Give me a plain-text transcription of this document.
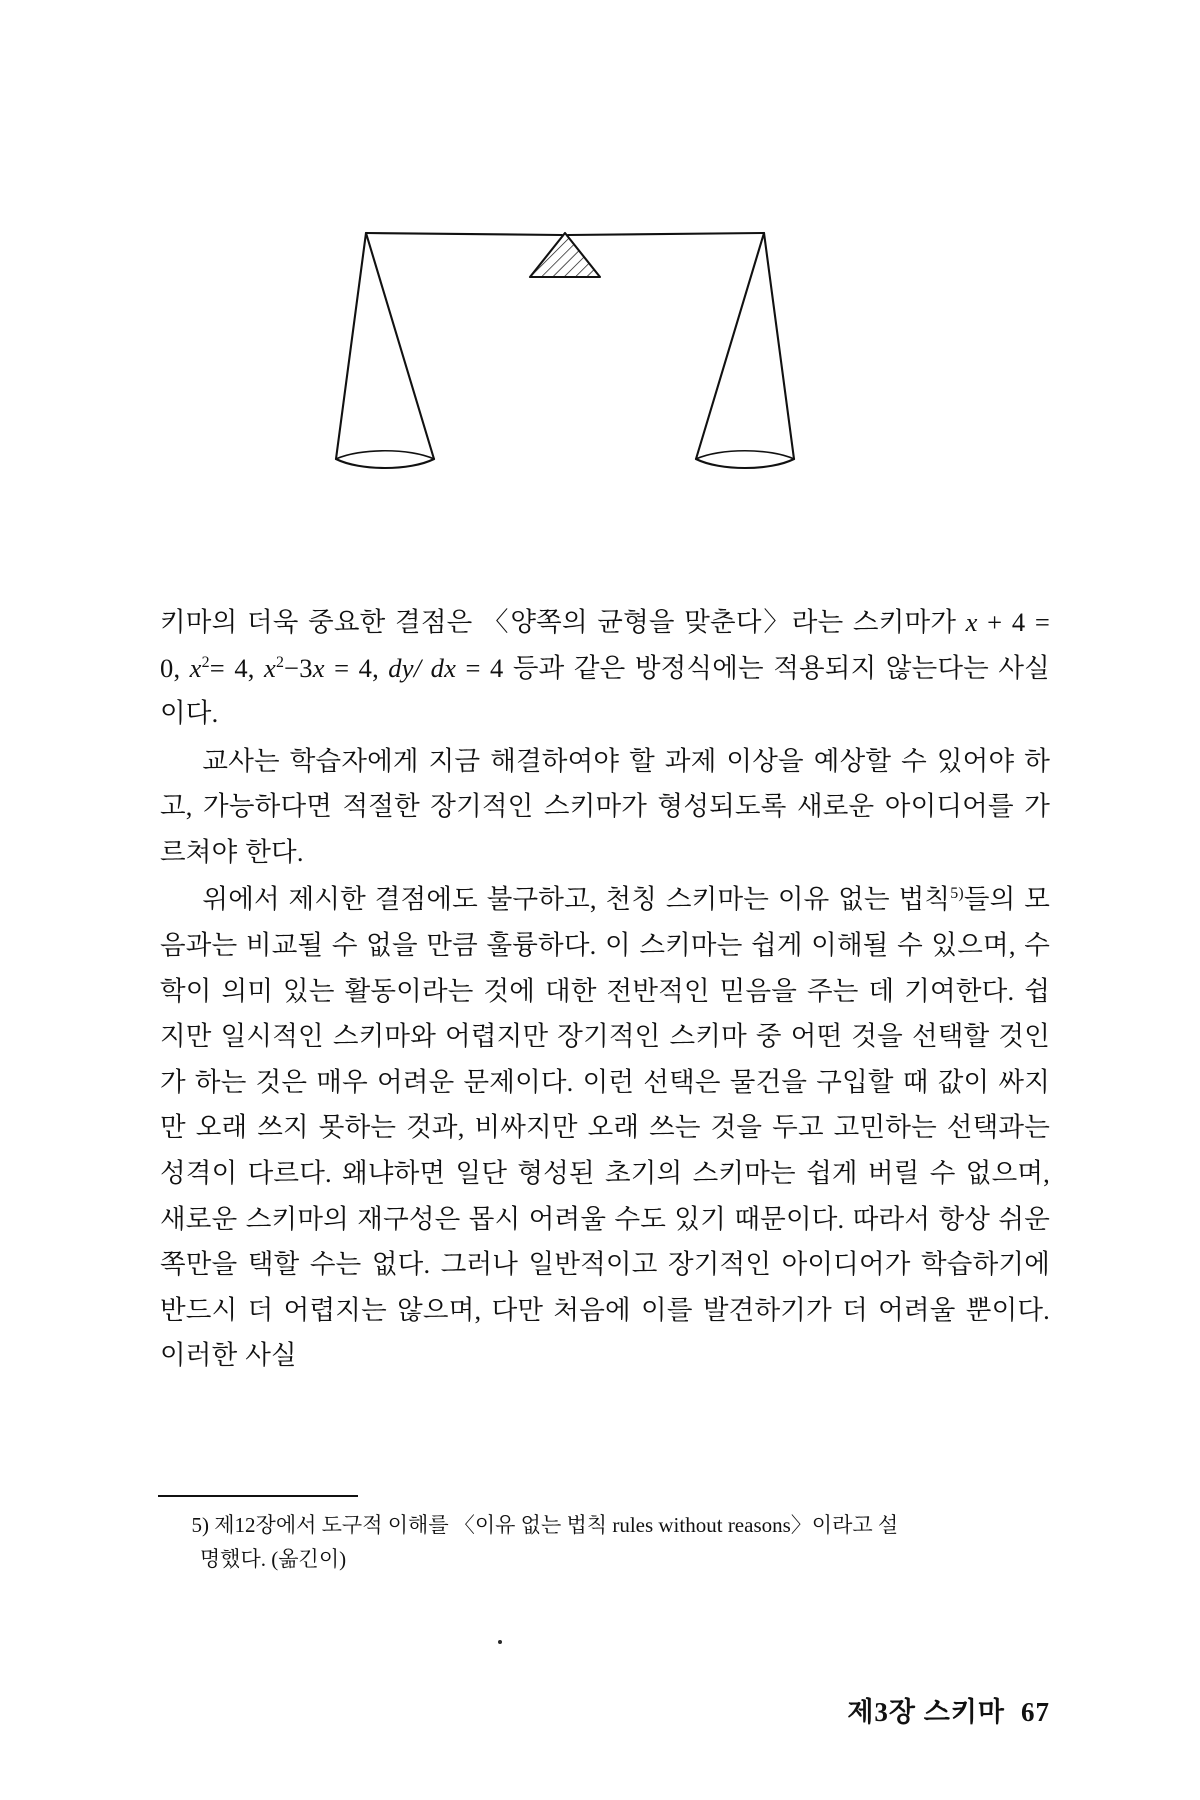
키마의 더욱 중요한 결점은 〈양쪽의 균형을 맞춘다〉라는 스키마가 x + 4 = 0, x$^2$= 4, x$^2$−3x = 4, dy/ dx = 4 등과 같은 방정식에는 적용되지 않는다는 사실이다.

교사는 학습자에게 지금 해결하여야 할 과제 이상을 예상할 수 있어야 하고, 가능하다면 적절한 장기적인 스키마가 형성되도록 새로운 아이디어를 가르쳐야 한다.

위에서 제시한 결점에도 불구하고, 천칭 스키마는 이유 없는 법칙$^{5)}$들의 모음과는 비교될 수 없을 만큼 훌륭하다. 이 스키마는 쉽게 이해될 수 있으며, 수학이 의미 있는 활동이라는 것에 대한 전반적인 믿음을 주는 데 기여한다. 쉽지만 일시적인 스키마와 어렵지만 장기적인 스키마 중 어떤 것을 선택할 것인가 하는 것은 매우 어려운 문제이다. 이런 선택은 물건을 구입할 때 값이 싸지만 오래 쓰지 못하는 것과, 비싸지만 오래 쓰는 것을 두고 고민하는 선택과는 성격이 다르다. 왜냐하면 일단 형성된 초기의 스키마는 쉽게 버릴 수 없으며, 새로운 스키마의 재구성은 몹시 어려울 수도 있기 때문이다. 따라서 항상 쉬운 쪽만을 택할 수는 없다. 그러나 일반적이고 장기적인 아이디어가 학습하기에 반드시 더 어렵지는 않으며, 다만 처음에 이를 발견하기가 더 어려울 뿐이다. 이러한 사실

5) 제12장에서 도구적 이해를 〈이유 없는 법칙 rules without reasons〉이라고 설
명했다. (옮긴이)
제3장 스키마 67
